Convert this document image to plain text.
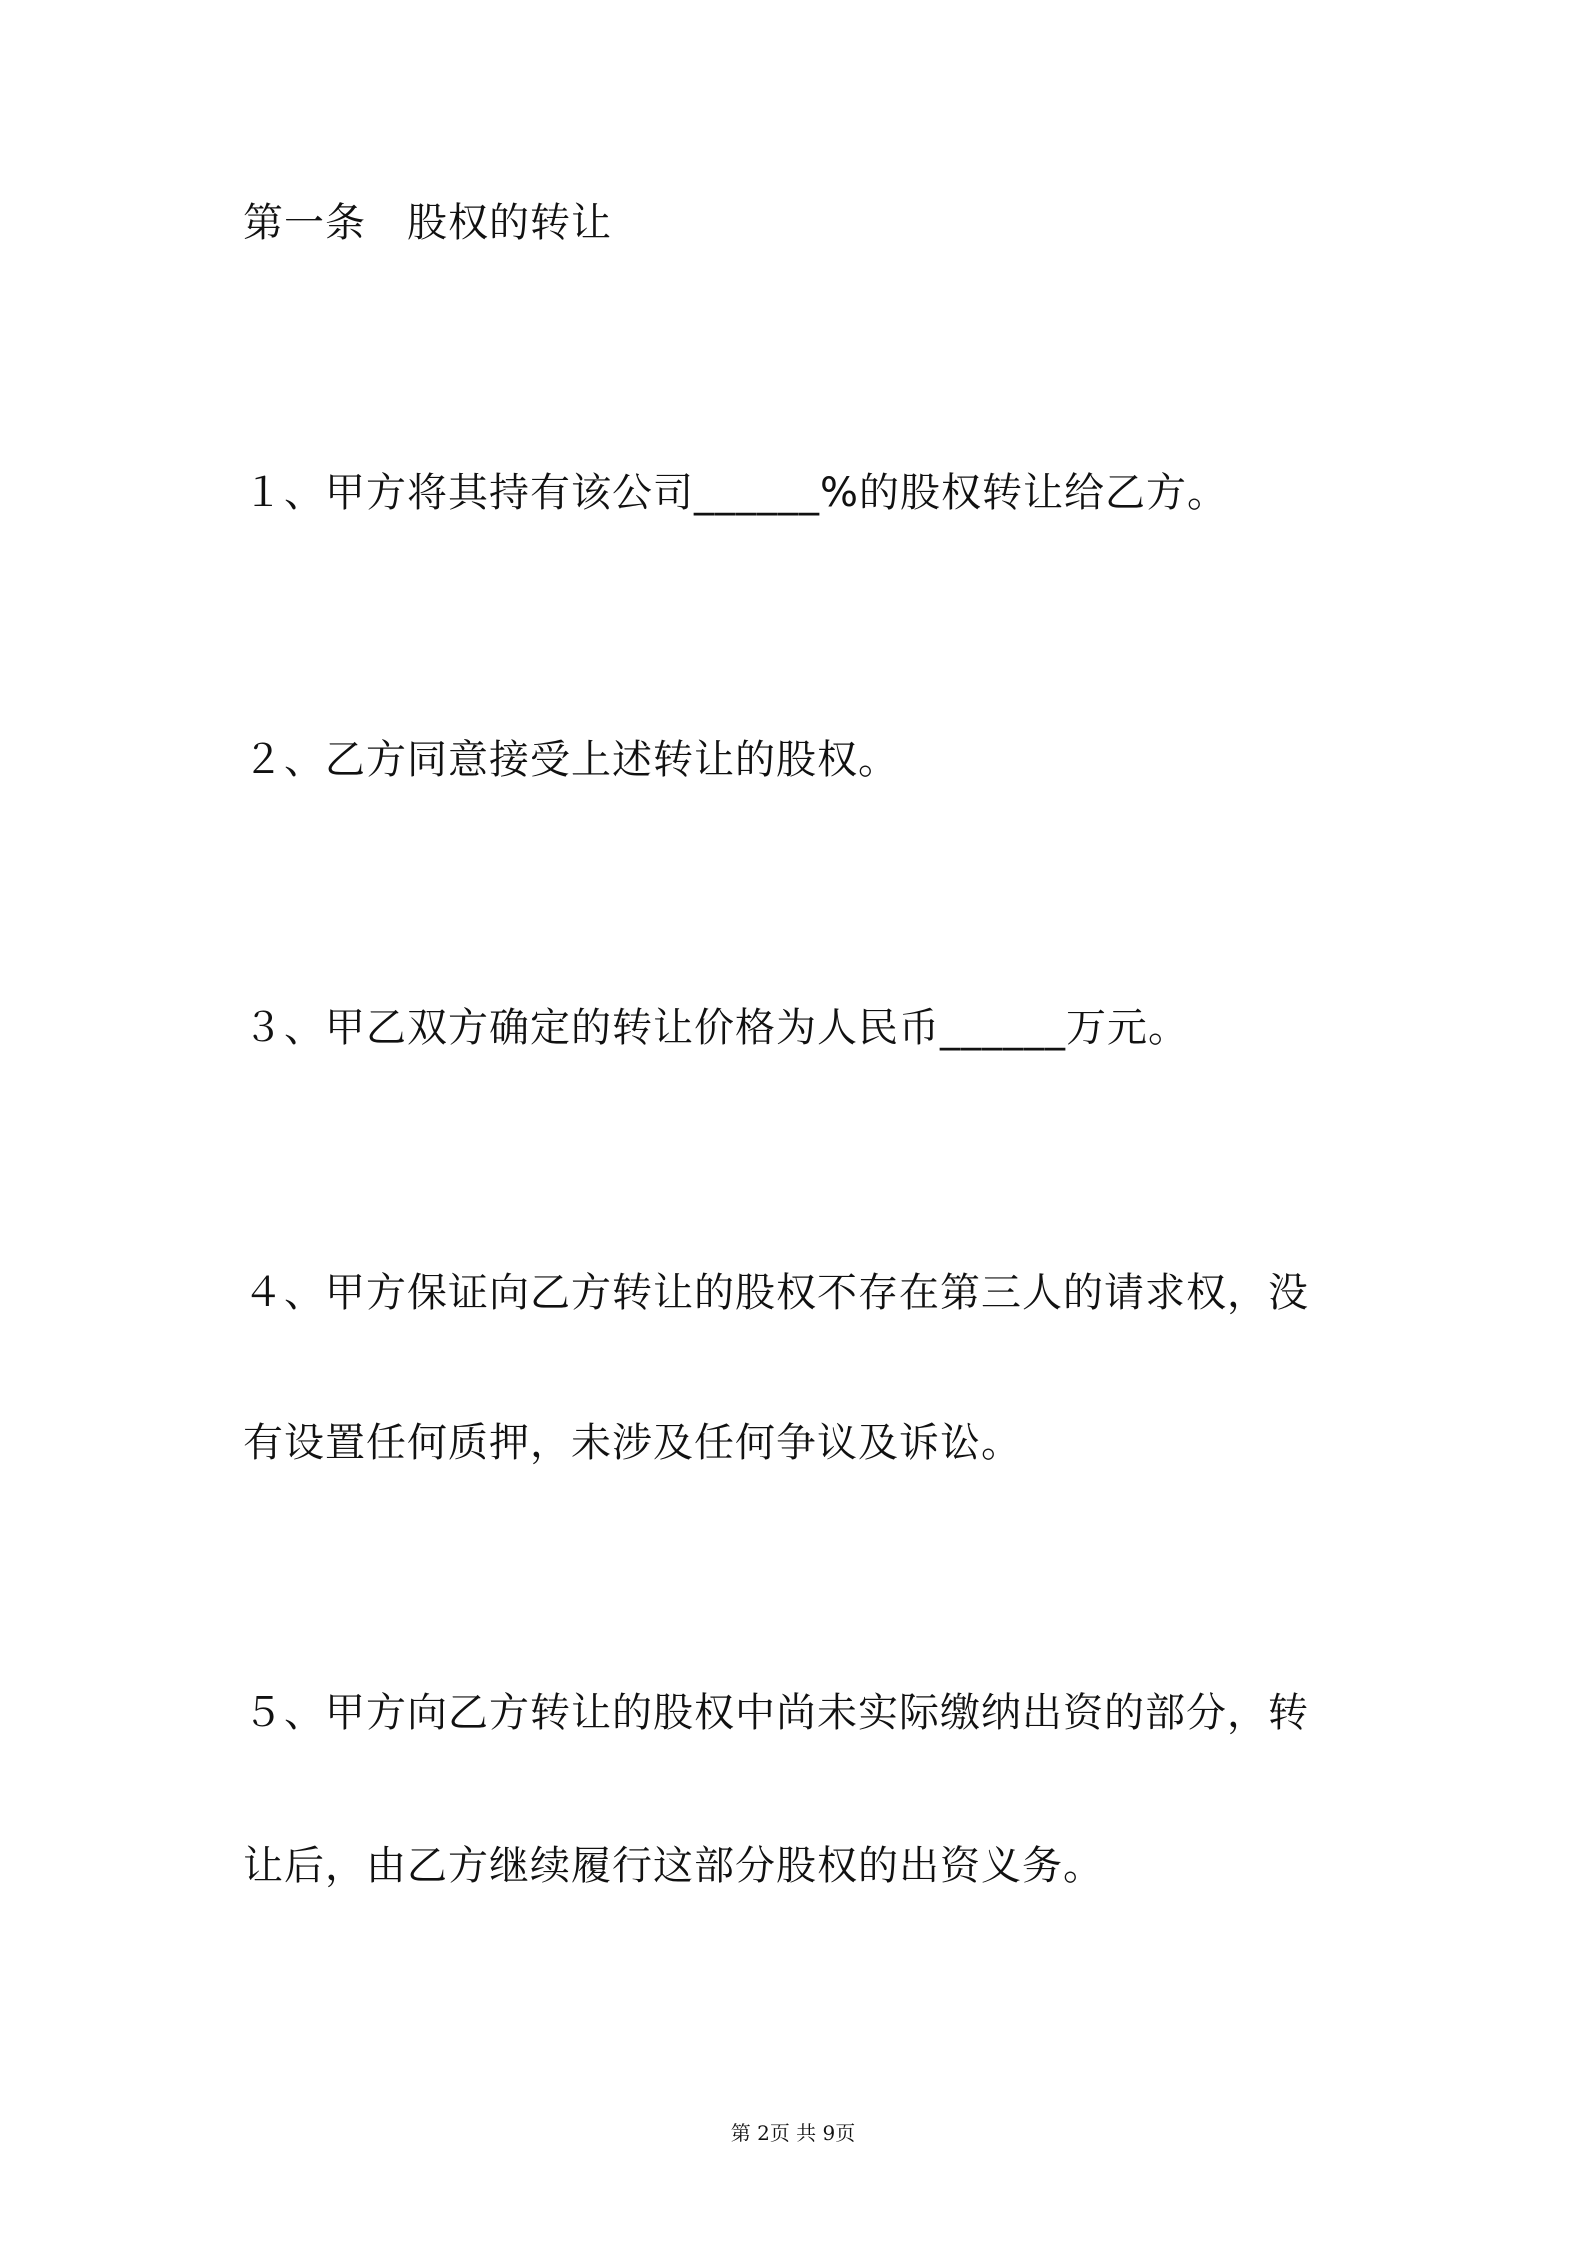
第一条　股权的转让
１、甲方将其持有该公司______%的股权转让给乙方。
２、乙方同意接受上述转让的股权。
３、甲乙双方确定的转让价格为人民币______万元。
４、甲方保证向乙方转让的股权不存在第三人的请求权，没
有设置任何质押，未涉及任何争议及诉讼。
５、甲方向乙方转让的股权中尚未实际缴纳出资的部分，转
让后，由乙方继续履行这部分股权的出资义务。
第 2页 共 9页
